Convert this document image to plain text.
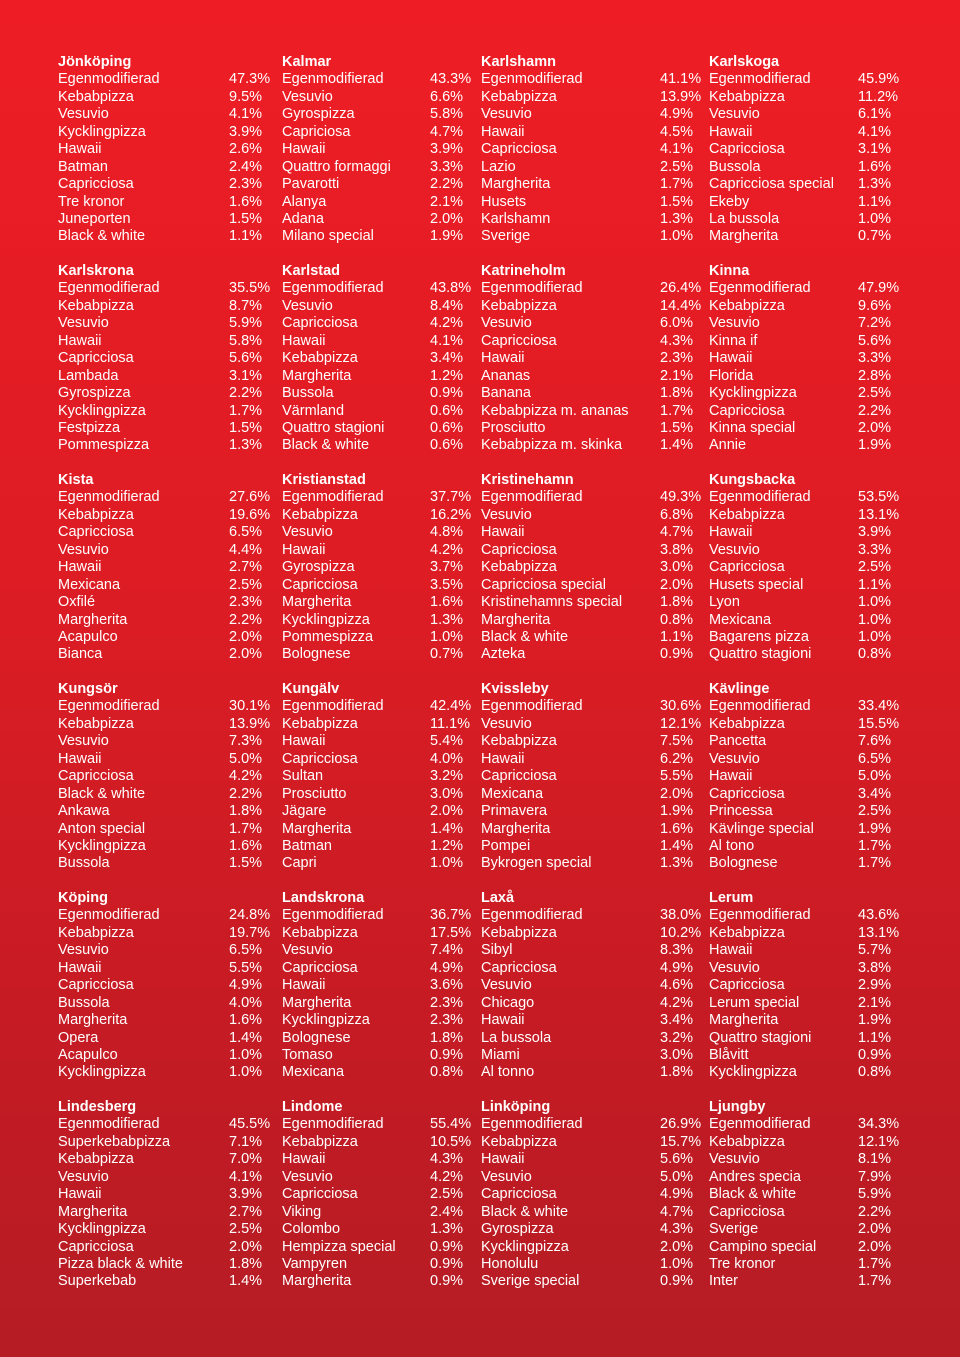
Jönköping
Egenmodifierad	47.3%
Kebabpizza	9.5%
Vesuvio	4.1%
Kycklingpizza	3.9%
Hawaii	2.6%
Batman	2.4%
Capricciosa	2.3%
Tre kronor	1.6%
Juneporten	1.5%
Black & white	1.1%
Kalmar
Egenmodifierad	43.3%
Vesuvio	6.6%
Gyrospizza	5.8%
Capriciosa	4.7%
Hawaii	3.9%
Quattro formaggi	3.3%
Pavarotti	2.2%
Alanya	2.1%
Adana	2.0%
Milano special	1.9%
Karlshamn
Egenmodifierad	41.1%
Kebabpizza	13.9%
Vesuvio	4.9%
Hawaii	4.5%
Capricciosa	4.1%
Lazio	2.5%
Margherita	1.7%
Husets	1.5%
Karlshamn	1.3%
Sverige	1.0%
Karlskoga
Egenmodifierad	45.9%
Kebabpizza	11.2%
Vesuvio	6.1%
Hawaii	4.1%
Capricciosa	3.1%
Bussola	1.6%
Capricciosa special 1.3%
Ekeby	1.1%
La bussola	1.0%
Margherita	0.7%
Karlskrona
Egenmodifierad	35.5%
Kebabpizza	8.7%
Vesuvio	5.9%
Hawaii	5.8%
Capricciosa	5.6%
Lambada	3.1%
Gyrospizza	2.2%
Kycklingpizza	1.7%
Festpizza	1.5%
Pommespizza	1.3%
Karlstad
Egenmodifierad	43.8%
Vesuvio	8.4%
Capricciosa	4.2%
Hawaii	4.1%
Kebabpizza	3.4%
Margherita	1.2%
Bussola	0.9%
Värmland	0.6%
Quattro stagioni	0.6%
Black & white	0.6%
Katrineholm
Egenmodifierad	26.4%
Kebabpizza	14.4%
Vesuvio	6.0%
Capricciosa	4.3%
Hawaii	2.3%
Ananas	2.1%
Banana	1.8%
Kebabpizza m. ananas 1.7%
Prosciutto	1.5%
Kebabpizza m. skinka	1.4%
Kinna
Egenmodifierad	47.9%
Kebabpizza	9.6%
Vesuvio	7.2%
Kinna if	5.6%
Hawaii	3.3%
Florida	2.8%
Kycklingpizza	2.5%
Capricciosa	2.2%
Kinna special	2.0%
Annie	1.9%
Kista
Egenmodifierad	27.6%
Kebabpizza	19.6%
Capricciosa	6.5%
Vesuvio	4.4%
Hawaii	2.7%
Mexicana	2.5%
Oxfilé	2.3%
Margherita	2.2%
Acapulco	2.0%
Bianca	2.0%
Kristianstad
Egenmodifierad	37.7%
Kebabpizza	16.2%
Vesuvio	4.8%
Hawaii	4.2%
Gyrospizza	3.7%
Capricciosa	3.5%
Margherita	1.6%
Kycklingpizza	1.3%
Pommespizza	1.0%
Bolognese	0.7%
Kristinehamn
Egenmodifierad	49.3%
Vesuvio	6.8%
Hawaii	4.7%
Capricciosa	3.8%
Kebabpizza	3.0%
Capricciosa special	2.0%
Kristinehamns special	1.8%
Margherita	0.8%
Black & white	1.1%
Azteka	0.9%
Kungsbacka
Egenmodifierad	53.5%
Kebabpizza	13.1%
Hawaii	3.9%
Vesuvio	3.3%
Capricciosa	2.5%
Husets special	1.1%
Lyon	1.0%
Mexicana	1.0%
Bagarens pizza	1.0%
Quattro stagioni	0.8%
Kungsör
Egenmodifierad	30.1%
Kebabpizza	13.9%
Vesuvio	7.3%
Hawaii	5.0%
Capricciosa	4.2%
Black & white	2.2%
Ankawa	1.8%
Anton special	1.7%
Kycklingpizza	1.6%
Bussola	1.5%
Kungälv
Egenmodifierad	42.4%
Kebabpizza	11.1%
Hawaii	5.4%
Capricciosa	4.0%
Sultan	3.2%
Prosciutto	3.0%
Jägare	2.0%
Margherita	1.4%
Batman	1.2%
Capri	1.0%
Kvissleby
Egenmodifierad	30.6%
Vesuvio	12.1%
Kebabpizza	7.5%
Hawaii	6.2%
Capricciosa	5.5%
Mexicana	2.0%
Primavera	1.9%
Margherita	1.6%
Pompei	1.4%
Bykrogen special	1.3%
Kävlinge
Egenmodifierad	33.4%
Kebabpizza	15.5%
Pancetta	7.6%
Vesuvio	6.5%
Hawaii	5.0%
Capricciosa	3.4%
Princessa	2.5%
Kävlinge special	1.9%
Al tono	1.7%
Bolognese	1.7%
Köping
Egenmodifierad	24.8%
Kebabpizza	19.7%
Vesuvio	6.5%
Hawaii	5.5%
Capricciosa	4.9%
Bussola	4.0%
Margherita	1.6%
Opera	1.4%
Acapulco	1.0%
Kycklingpizza	1.0%
Landskrona
Egenmodifierad	36.7%
Kebabpizza	17.5%
Vesuvio	7.4%
Capricciosa	4.9%
Hawaii	3.6%
Margherita	2.3%
Kycklingpizza	2.3%
Bolognese	1.8%
Tomaso	0.9%
Mexicana	0.8%
Laxå
Egenmodifierad	38.0%
Kebabpizza	10.2%
Sibyl	8.3%
Capricciosa	4.9%
Vesuvio	4.6%
Chicago	4.2%
Hawaii	3.4%
La bussola	3.2%
Miami	3.0%
Al tonno	1.8%
Lerum
Egenmodifierad	43.6%
Kebabpizza	13.1%
Hawaii	5.7%
Vesuvio	3.8%
Capricciosa	2.9%
Lerum special	2.1%
Margherita	1.9%
Quattro stagioni	1.1%
Blåvitt	0.9%
Kycklingpizza	0.8%
Lindesberg
Egenmodifierad	45.5%
Superkebabpizza	7.1%
Kebabpizza	7.0%
Vesuvio	4.1%
Hawaii	3.9%
Margherita	2.7%
Kycklingpizza	2.5%
Capricciosa	2.0%
Pizza black & white	1.8%
Superkebab	1.4%
Lindome
Egenmodifierad	55.4%
Kebabpizza	10.5%
Hawaii	4.3%
Vesuvio	4.2%
Capricciosa	2.5%
Viking	2.4%
Colombo	1.3%
Hempizza special 0.9%
Vampyren	0.9%
Margherita	0.9%
Linköping
Egenmodifierad	26.9%
Kebabpizza	15.7%
Hawaii	5.6%
Vesuvio	5.0%
Capricciosa	4.9%
Black & white	4.7%
Gyrospizza	4.3%
Kycklingpizza	2.0%
Honolulu	1.0%
Sverige special	0.9%
Ljungby
Egenmodifierad	34.3%
Kebabpizza	12.1%
Vesuvio	8.1%
Andres specia	7.9%
Black & white	5.9%
Capricciosa	2.2%
Sverige	2.0%
Campino special	2.0%
Tre kronor	1.7%
Inter	1.7%
